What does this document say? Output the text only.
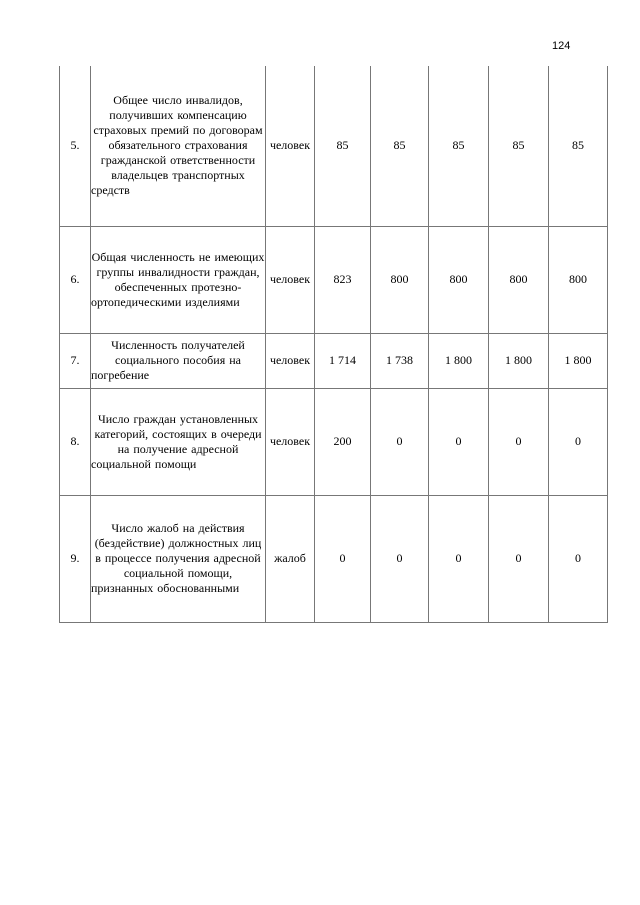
124
5.	Общее число инвалидов, получивших компенсацию страховых премий по договорам обязательного страхования гражданской ответственности владельцев транспортных средств	человек	85	85	85	85	85
6.	Общая численность не имеющих группы инвалидности граждан, обеспеченных протезно-ортопедическими изделиями	человек	823	800	800	800	800
7.	Численность получателей социального пособия на погребение	человек	1 714	1 738	1 800	1 800	1 800
8.	Число граждан установленных категорий, состоящих в очереди на получение адресной социальной помощи	человек	200	0	0	0	0
9.	Число жалоб на действия (бездействие) должностных лиц в процессе получения адресной социальной помощи, признанных обоснованными	жалоб	0	0	0	0	0
